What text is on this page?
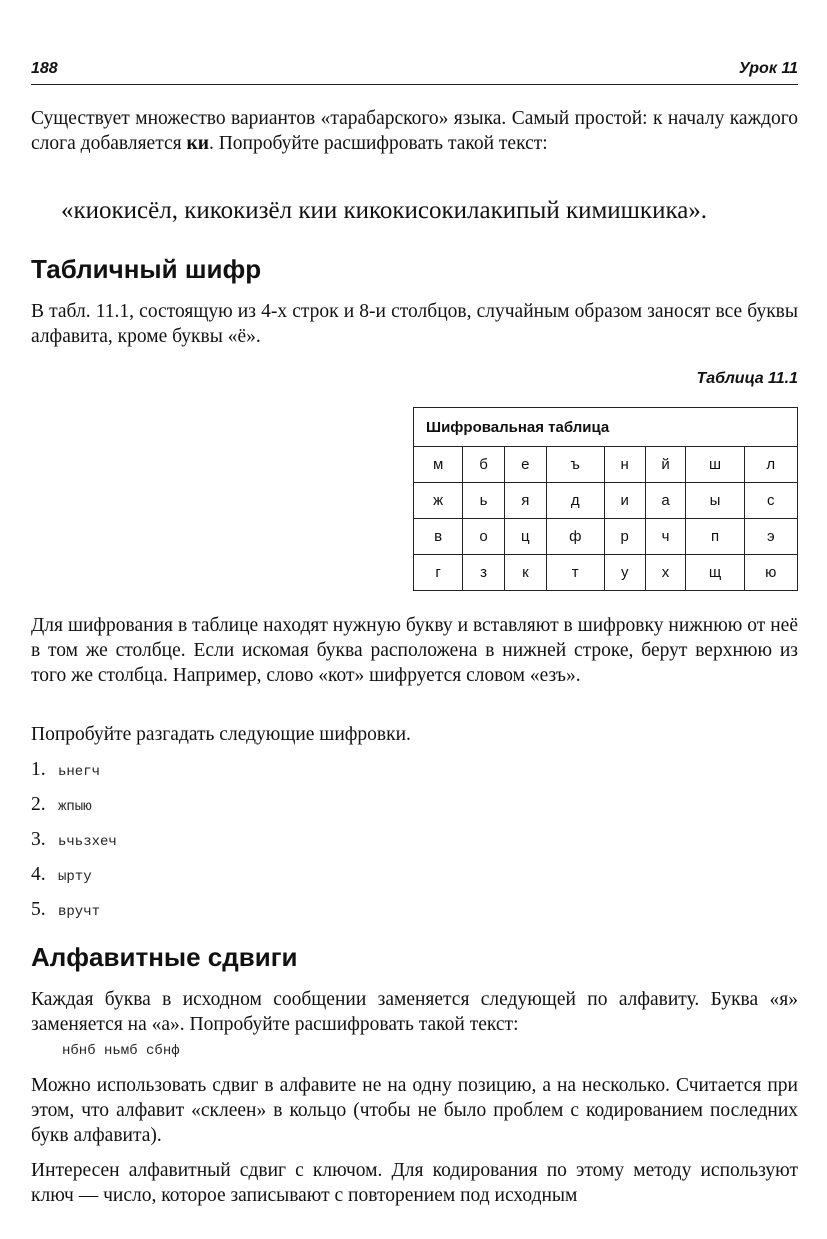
188	Урок 11

Существует множество вариантов «тарабарского» языка. Самый простой: к началу каждого слога добавляется ки. Попробуйте расшифровать такой текст:

«киокисёл, кикокизёл кии кикокисокилакипый кимишкика».
Табличный шифр

В табл. 11.1, состоящую из 4-х строк и 8-и столбцов, случайным образом заносят все буквы алфавита, кроме буквы «ё».

Таблица 11.1
Шифровальная таблица							
м	б	е	ъ	н	й	ш	л
ж	ь	я	д	и	а	ы	с
в	о	ц	ф	р	ч	п	э
г	з	к	т	у	х	щ	ю

Для шифрования в таблице находят нужную букву и вставляют в шифровку нижнюю от неё в том же столбце. Если искомая буква расположена в нижней строке, берут верхнюю из того же столбца. Например, слово «кот» шифруется словом «езъ».

Попробуйте разгадать следующие шифровки.

1. ьнегч
2. жпыю
3. ьчьзхеч
4. ырту
5. вручт
Алфавитные сдвиги

Каждая буква в исходном сообщении заменяется следующей по алфавиту. Буква «я» заменяется на «а». Попробуйте расшифровать такой текст:

нбнб ньмб сбнф

Можно использовать сдвиг в алфавите не на одну позицию, а на несколько. Считается при этом, что алфавит «склеен» в кольцо (чтобы не было проблем с кодированием последних букв алфавита).

Интересен алфавитный сдвиг с ключом. Для кодирования по этому методу используют ключ — число, которое записывают с повторением под исходным
